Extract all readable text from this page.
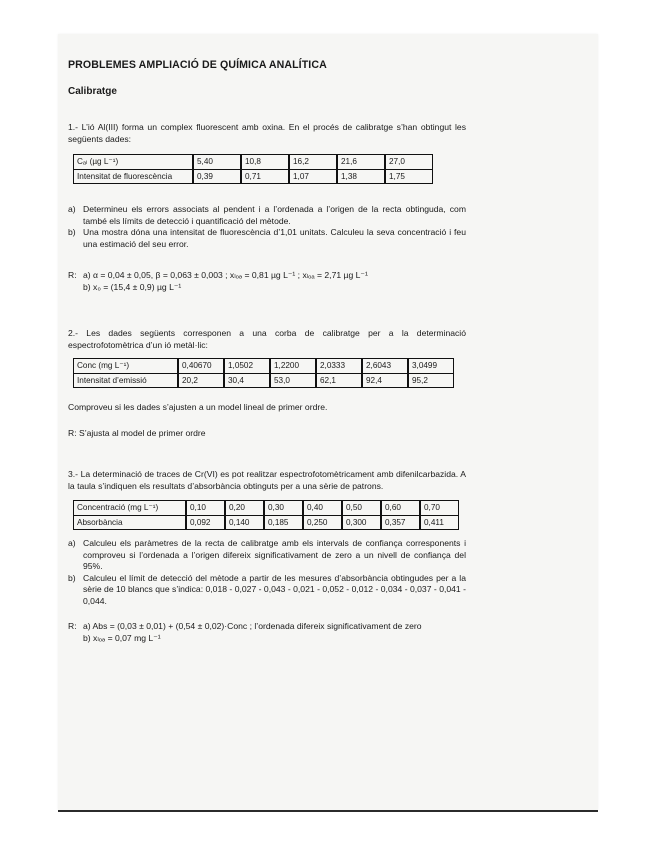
PROBLEMES AMPLIACIÓ DE QUÍMICA ANALÍTICA
Calibratge

1.- L’ió Al(III) forma un complex fluorescent amb oxina. En el procés de calibratge s’han obtingut les següents dades:

Cₐₗ (µg L⁻¹)	5,40	10,8	16,2	21,6	27,0
Intensitat de fluorescència	0,39	0,71	1,07	1,38	1,75
a) Determineu els errors associats al pendent i a l’ordenada a l’origen de la recta obtinguda, com també els límits de detecció i quantificació del mètode.
b) Una mostra dóna una intensitat de fluorescència d’1,01 unitats. Calculeu la seva concentració i feu una estimació del seu error.
R: a) α = 0,04 ± 0,05, β = 0,063 ± 0,003 ; xₗₒₔ = 0,81 µg L⁻¹ ; xₗₒₐ = 2,71 µg L⁻¹
b) x₀ = (15,4 ± 0,9) µg L⁻¹

2.- Les dades següents corresponen a una corba de calibratge per a la determinació espectrofotomètrica d’un ió metàl·lic:

Conc (mg L⁻¹)	0,40670	1,0502	1,2200	2,0333	2,6043	3,0499
Intensitat d’emissió	20,2	30,4	53,0	62,1	92,4	95,2

Comproveu si les dades s’ajusten a un model lineal de primer ordre.

R: S’ajusta al model de primer ordre

3.- La determinació de traces de Cr(VI) es pot realitzar espectrofotomètricament amb difenilcarbazida. A la taula s’indiquen els resultats d’absorbància obtinguts per a una sèrie de patrons.

Concentració (mg L⁻¹)	0,10	0,20	0,30	0,40	0,50	0,60	0,70
Absorbància	0,092	0,140	0,185	0,250	0,300	0,357	0,411
a) Calculeu els paràmetres de la recta de calibratge amb els intervals de confiança corresponents i comproveu si l’ordenada a l’origen difereix significativament de zero a un nivell de confiança del 95%.
b) Calculeu el límit de detecció del mètode a partir de les mesures d’absorbància obtingudes per a la sèrie de 10 blancs que s’indica: 0,018 - 0,027 - 0,043 - 0,021 - 0,052 - 0,012 - 0,034 - 0,037 - 0,041 - 0,044.
R: a) Abs = (0,03 ± 0,01) + (0,54 ± 0,02)·Conc ; l’ordenada difereix significativament de zero
b) xₗₒₔ = 0,07 mg L⁻¹
